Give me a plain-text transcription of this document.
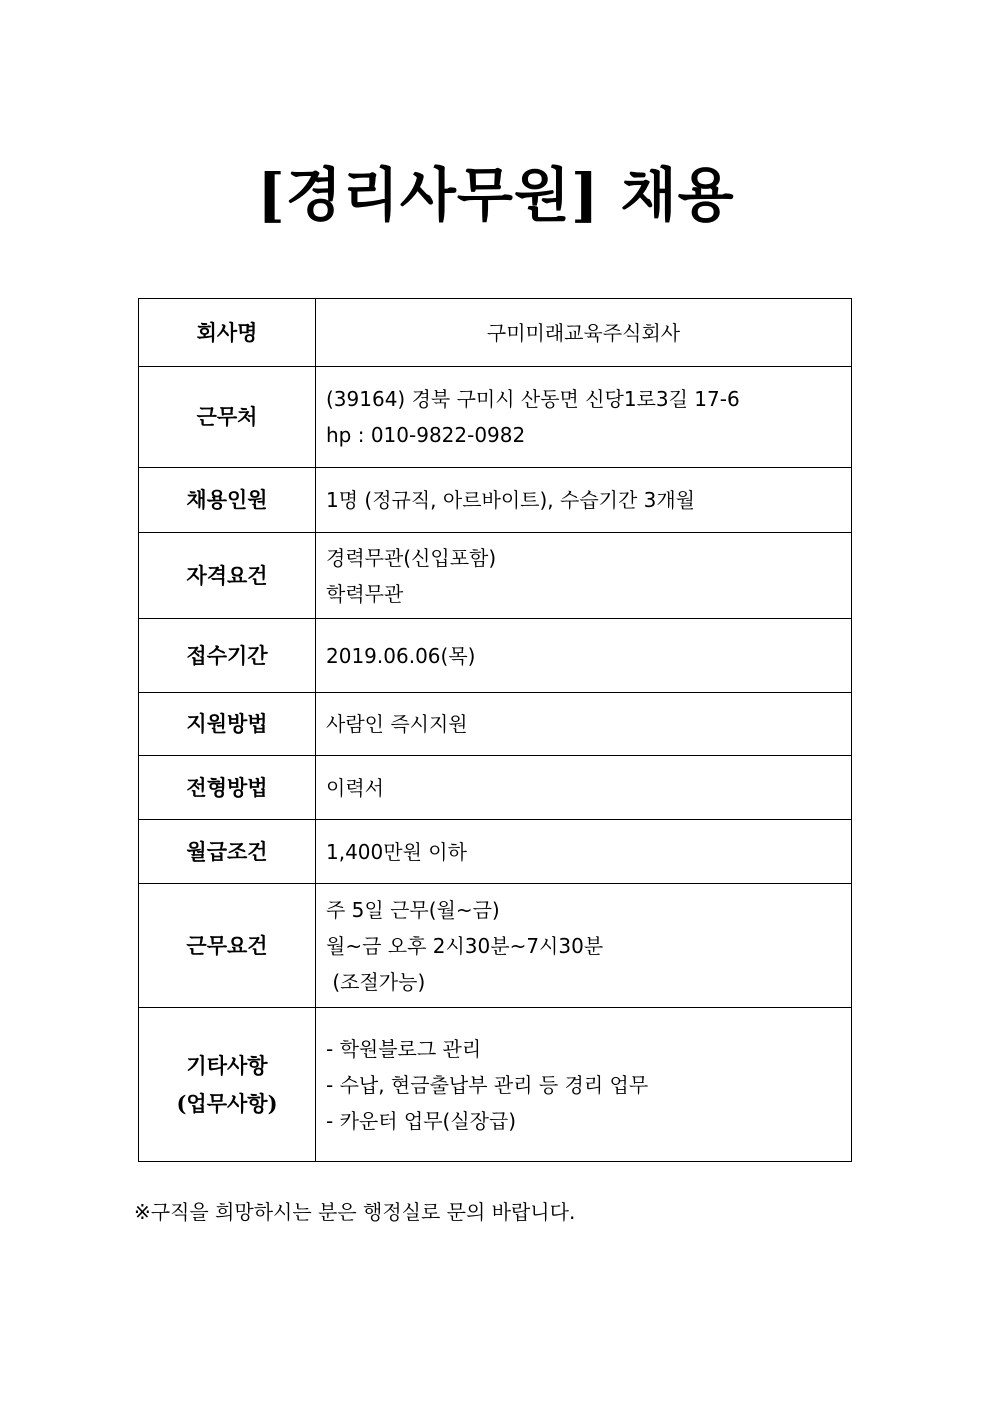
[경리사무원] 채용
회사명	구미미래교육주식회사

근무처	(39164) 경북 구미시 산동면 신당1로3길 17-6
hp : 010-9822-0982

채용인원	1명 (정규직, 아르바이트), 수습기간 3개월

자격요건	경력무관(신입포함)
학력무관

접수기간	2019.06.06(목)

지원방법	사람인 즉시지원

전형방법	이력서

월급조건	1,400만원 이하

근무요건	주 5일 근무(월~금)
월~금 오후 2시30분~7시30분
(조절가능)

기타사항
(업무사항)	- 학원블로그 관리
- 수납, 현금출납부 관리 등 경리 업무
- 카운터 업무(실장급)
※구직을 희망하시는 분은 행정실로 문의 바랍니다.
